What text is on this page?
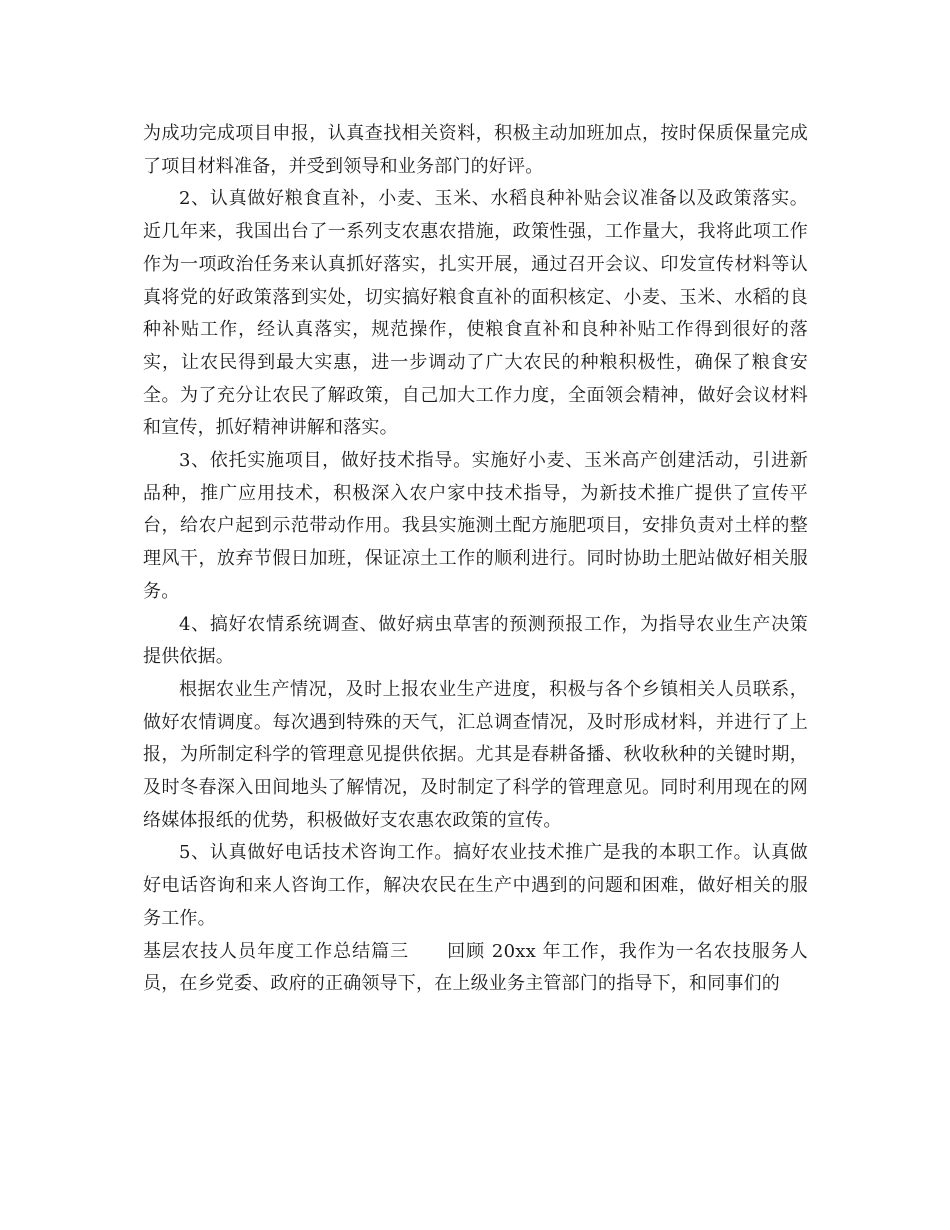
为成功完成项目申报，认真查找相关资料，积极主动加班加点，按时保质保量完成了项目材料准备，并受到领导和业务部门的好评。

2、认真做好粮食直补，小麦、玉米、水稻良种补贴会议准备以及政策落实。近几年来，我国出台了一系列支农惠农措施，政策性强，工作量大，我将此项工作作为一项政治任务来认真抓好落实，扎实开展，通过召开会议、印发宣传材料等认真将党的好政策落到实处，切实搞好粮食直补的面积核定、小麦、玉米、水稻的良种补贴工作，经认真落实，规范操作，使粮食直补和良种补贴工作得到很好的落实，让农民得到最大实惠，进一步调动了广大农民的种粮积极性，确保了粮食安全。为了充分让农民了解政策，自己加大工作力度，全面领会精神，做好会议材料和宣传，抓好精神讲解和落实。

3、依托实施项目，做好技术指导。实施好小麦、玉米高产创建活动，引进新品种，推广应用技术，积极深入农户家中技术指导，为新技术推广提供了宣传平台，给农户起到示范带动作用。我县实施测土配方施肥项目，安排负责对土样的整理风干，放弃节假日加班，保证凉土工作的顺利进行。同时协助土肥站做好相关服务。

4、搞好农情系统调查、做好病虫草害的预测预报工作，为指导农业生产决策提供依据。

根据农业生产情况，及时上报农业生产进度，积极与各个乡镇相关人员联系，做好农情调度。每次遇到特殊的天气，汇总调查情况，及时形成材料，并进行了上报，为所制定科学的管理意见提供依据。尤其是春耕备播、秋收秋种的关键时期，及时冬春深入田间地头了解情况，及时制定了科学的管理意见。同时利用现在的网络媒体报纸的优势，积极做好支农惠农政策的宣传。

5、认真做好电话技术咨询工作。搞好农业技术推广是我的本职工作。认真做好电话咨询和来人咨询工作，解决农民在生产中遇到的问题和困难，做好相关的服务工作。

基层农技人员年度工作总结篇三　　回顾 20xx 年工作，我作为一名农技服务人员，在乡党委、政府的正确领导下，在上级业务主管部门的指导下，和同事们的
